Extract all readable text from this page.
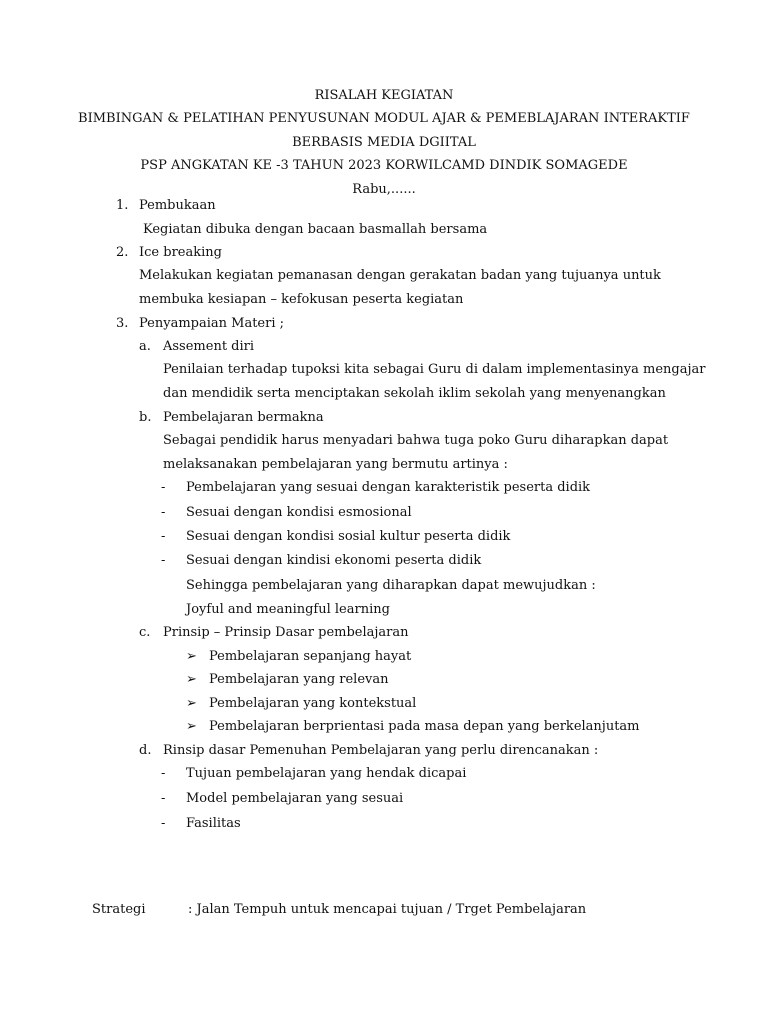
RISALAH KEGIATAN
BIMBINGAN & PELATIHAN PENYUSUNAN MODUL AJAR & PEMEBLAJARAN INTERAKTIF
BERBASIS MEDIA DGIITAL
PSP ANGKATAN KE -3 TAHUN 2023 KORWILCAMD DINDIK SOMAGEDE
Rabu,......
1. Pembukaan
Kegiatan dibuka dengan bacaan basmallah bersama
2. Ice breaking
Melakukan kegiatan pemanasan dengan gerakatan badan yang tujuanya untuk
membuka kesiapan – kefokusan peserta kegiatan
3. Penyampaian Materi ;
a. Assement diri
Penilaian terhadap tupoksi kita sebagai Guru di dalam implementasinya mengajar
dan mendidik serta menciptakan sekolah iklim sekolah yang menyenangkan
b. Pembelajaran bermakna
Sebagai pendidik harus menyadari bahwa tuga poko Guru diharapkan dapat
melaksanakan pembelajaran yang bermutu artinya :
- Pembelajaran yang sesuai dengan karakteristik peserta didik
- Sesuai dengan kondisi esmosional
- Sesuai dengan kondisi sosial kultur peserta didik
- Sesuai dengan kindisi ekonomi peserta didik
Sehingga pembelajaran yang diharapkan dapat mewujudkan :
Joyful and meaningful learning
c. Prinsip – Prinsip Dasar pembelajaran
➢ Pembelajaran sepanjang hayat
➢ Pembelajaran yang relevan
➢ Pembelajaran yang kontekstual
➢ Pembelajaran berprientasi pada masa depan yang berkelanjutam
d. Rinsip dasar Pemenuhan Pembelajaran yang perlu direncanakan :
- Tujuan pembelajaran yang hendak dicapai
- Model pembelajaran yang sesuai
- Fasilitas
Strategi	: Jalan Tempuh untuk mencapai tujuan / Trget Pembelajaran
